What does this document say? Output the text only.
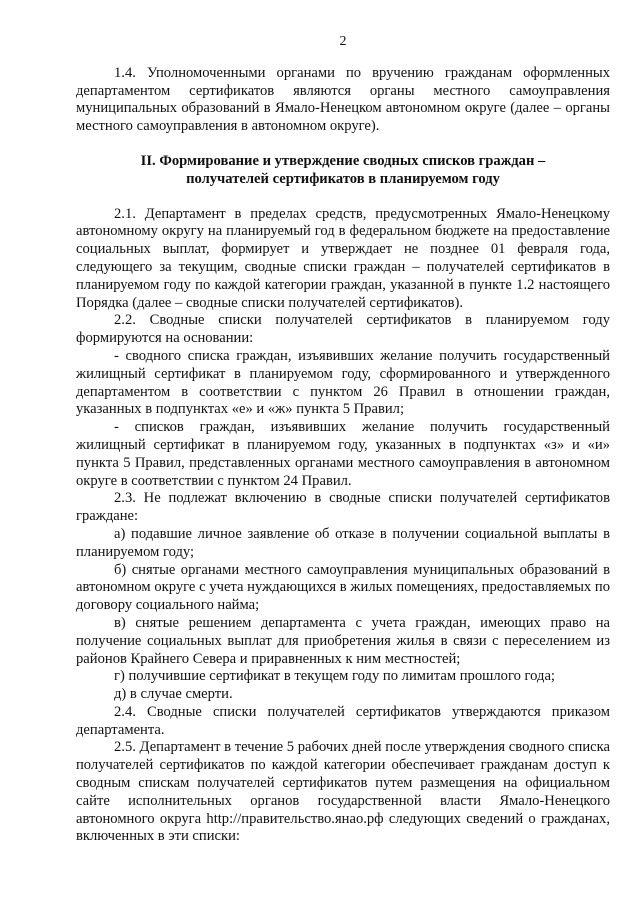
2

1.4. Уполномоченными органами по вручению гражданам оформленных департаментом сертификатов являются органы местного самоуправления муниципальных образований в Ямало-Ненецком автономном округе (далее – органы местного самоуправления в автономном округе).

II. Формирование и утверждение сводных списков граждан –
получателей сертификатов в планируемом году

2.1. Департамент в пределах средств, предусмотренных Ямало-Ненецкому автономному округу на планируемый год в федеральном бюджете на предоставление социальных выплат, формирует и утверждает не позднее 01 февраля года, следующего за текущим, сводные списки граждан – получателей сертификатов в планируемом году по каждой категории граждан, указанной в пункте 1.2 настоящего Порядка (далее – сводные списки получателей сертификатов).

2.2. Сводные списки получателей сертификатов в планируемом году формируются на основании:

- сводного списка граждан, изъявивших желание получить государственный жилищный сертификат в планируемом году, сформированного и утвержденного департаментом в соответствии с пунктом 26 Правил в отношении граждан, указанных в подпунктах «е» и «ж» пункта 5 Правил;

- списков граждан, изъявивших желание получить государственный жилищный сертификат в планируемом году, указанных в подпунктах «з» и «и» пункта 5 Правил, представленных органами местного самоуправления в автономном округе в соответствии с пунктом 24 Правил.

2.3. Не подлежат включению в сводные списки получателей сертификатов граждане:

а) подавшие личное заявление об отказе в получении социальной выплаты в планируемом году;

б) снятые органами местного самоуправления муниципальных образований в автономном округе с учета нуждающихся в жилых помещениях, предоставляемых по договору социального найма;

в) снятые решением департамента с учета граждан, имеющих право на получение социальных выплат для приобретения жилья в связи с переселением из районов Крайнего Севера и приравненных к ним местностей;

г) получившие сертификат в текущем году по лимитам прошлого года;

д) в случае смерти.

2.4. Сводные списки получателей сертификатов утверждаются приказом департамента.

2.5. Департамент в течение 5 рабочих дней после утверждения сводного списка получателей сертификатов по каждой категории обеспечивает гражданам доступ к сводным спискам получателей сертификатов путем размещения на официальном сайте исполнительных органов государственной власти Ямало-Ненецкого автономного округа http://правительство.янао.рф следующих сведений о гражданах, включенных в эти списки:
